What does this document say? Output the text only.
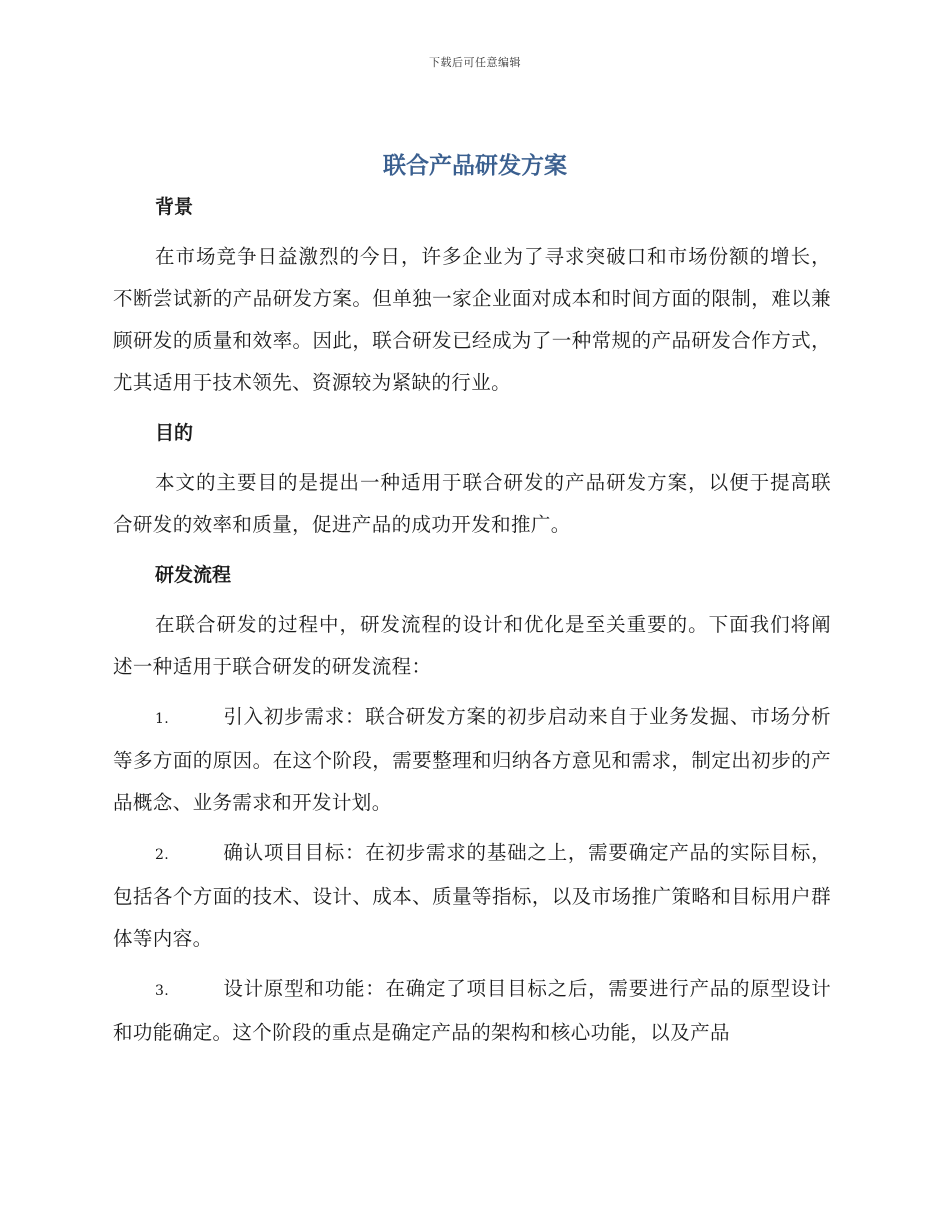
下载后可任意编辑
联合产品研发方案
背景

在市场竞争日益激烈的今日，许多企业为了寻求突破口和市场份额的增长，不断尝试新的产品研发方案。但单独一家企业面对成本和时间方面的限制，难以兼顾研发的质量和效率。因此，联合研发已经成为了一种常规的产品研发合作方式，尤其适用于技术领先、资源较为紧缺的行业。

目的

本文的主要目的是提出一种适用于联合研发的产品研发方案，以便于提高联合研发的效率和质量，促进产品的成功开发和推广。

研发流程

在联合研发的过程中，研发流程的设计和优化是至关重要的。下面我们将阐述一种适用于联合研发的研发流程：

1.	引入初步需求：联合研发方案的初步启动来自于业务发掘、市场分析等多方面的原因。在这个阶段，需要整理和归纳各方意见和需求，制定出初步的产品概念、业务需求和开发计划。

2.	确认项目目标：在初步需求的基础之上，需要确定产品的实际目标，包括各个方面的技术、设计、成本、质量等指标，以及市场推广策略和目标用户群体等内容。

3.	设计原型和功能：在确定了项目目标之后，需要进行产品的原型设计和功能确定。这个阶段的重点是确定产品的架构和核心功能，以及产品
